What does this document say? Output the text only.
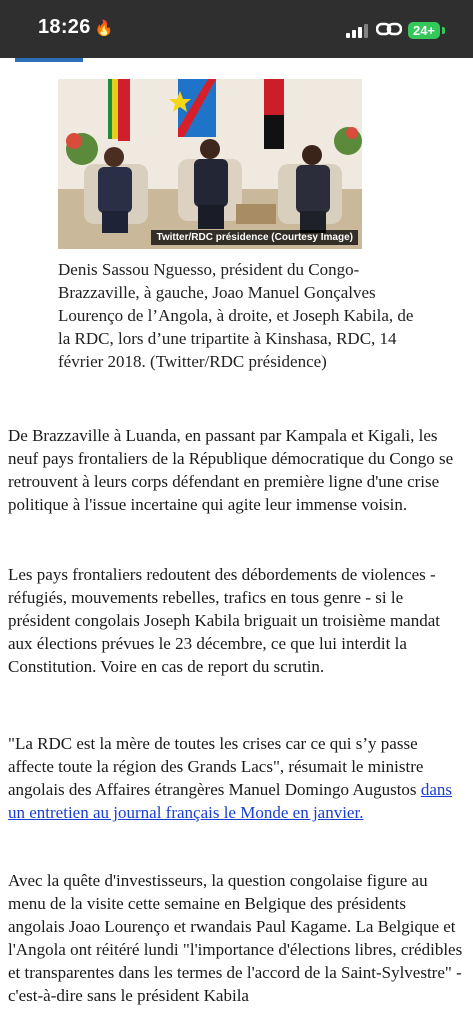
18:26 🔥	24+
Twitter/RDC présidence (Courtesy Image)

Denis Sassou Nguesso, président du Congo-Brazzaville, à gauche, Joao Manuel Gonçalves Lourenço de l’Angola, à droite, et Joseph Kabila, de la RDC, lors d’une tripartite à Kinshasa, RDC, 14 février 2018. (Twitter/RDC présidence)

De Brazzaville à Luanda, en passant par Kampala et Kigali, les neuf pays frontaliers de la République démocratique du Congo se retrouvent à leurs corps défendant en première ligne d'une crise politique à l'issue incertaine qui agite leur immense voisin.

Les pays frontaliers redoutent des débordements de violences - réfugiés, mouvements rebelles, trafics en tous genre - si le président congolais Joseph Kabila briguait un troisième mandat aux élections prévues le 23 décembre, ce que lui interdit la Constitution. Voire en cas de report du scrutin.

"La RDC est la mère de toutes les crises car ce qui s’y passe affecte toute la région des Grands Lacs", résumait le ministre angolais des Affaires étrangères Manuel Domingo Augustos dans un entretien au journal français le Monde en janvier.

Avec la quête d'investisseurs, la question congolaise figure au menu de la visite cette semaine en Belgique des présidents angolais Joao Lourenço et rwandais Paul Kagame. La Belgique et l'Angola ont réitéré lundi "l'importance d'élections libres, crédibles et transparentes dans les termes de l'accord de la Saint-Sylvestre" - c'est-à-dire sans le président Kabila
